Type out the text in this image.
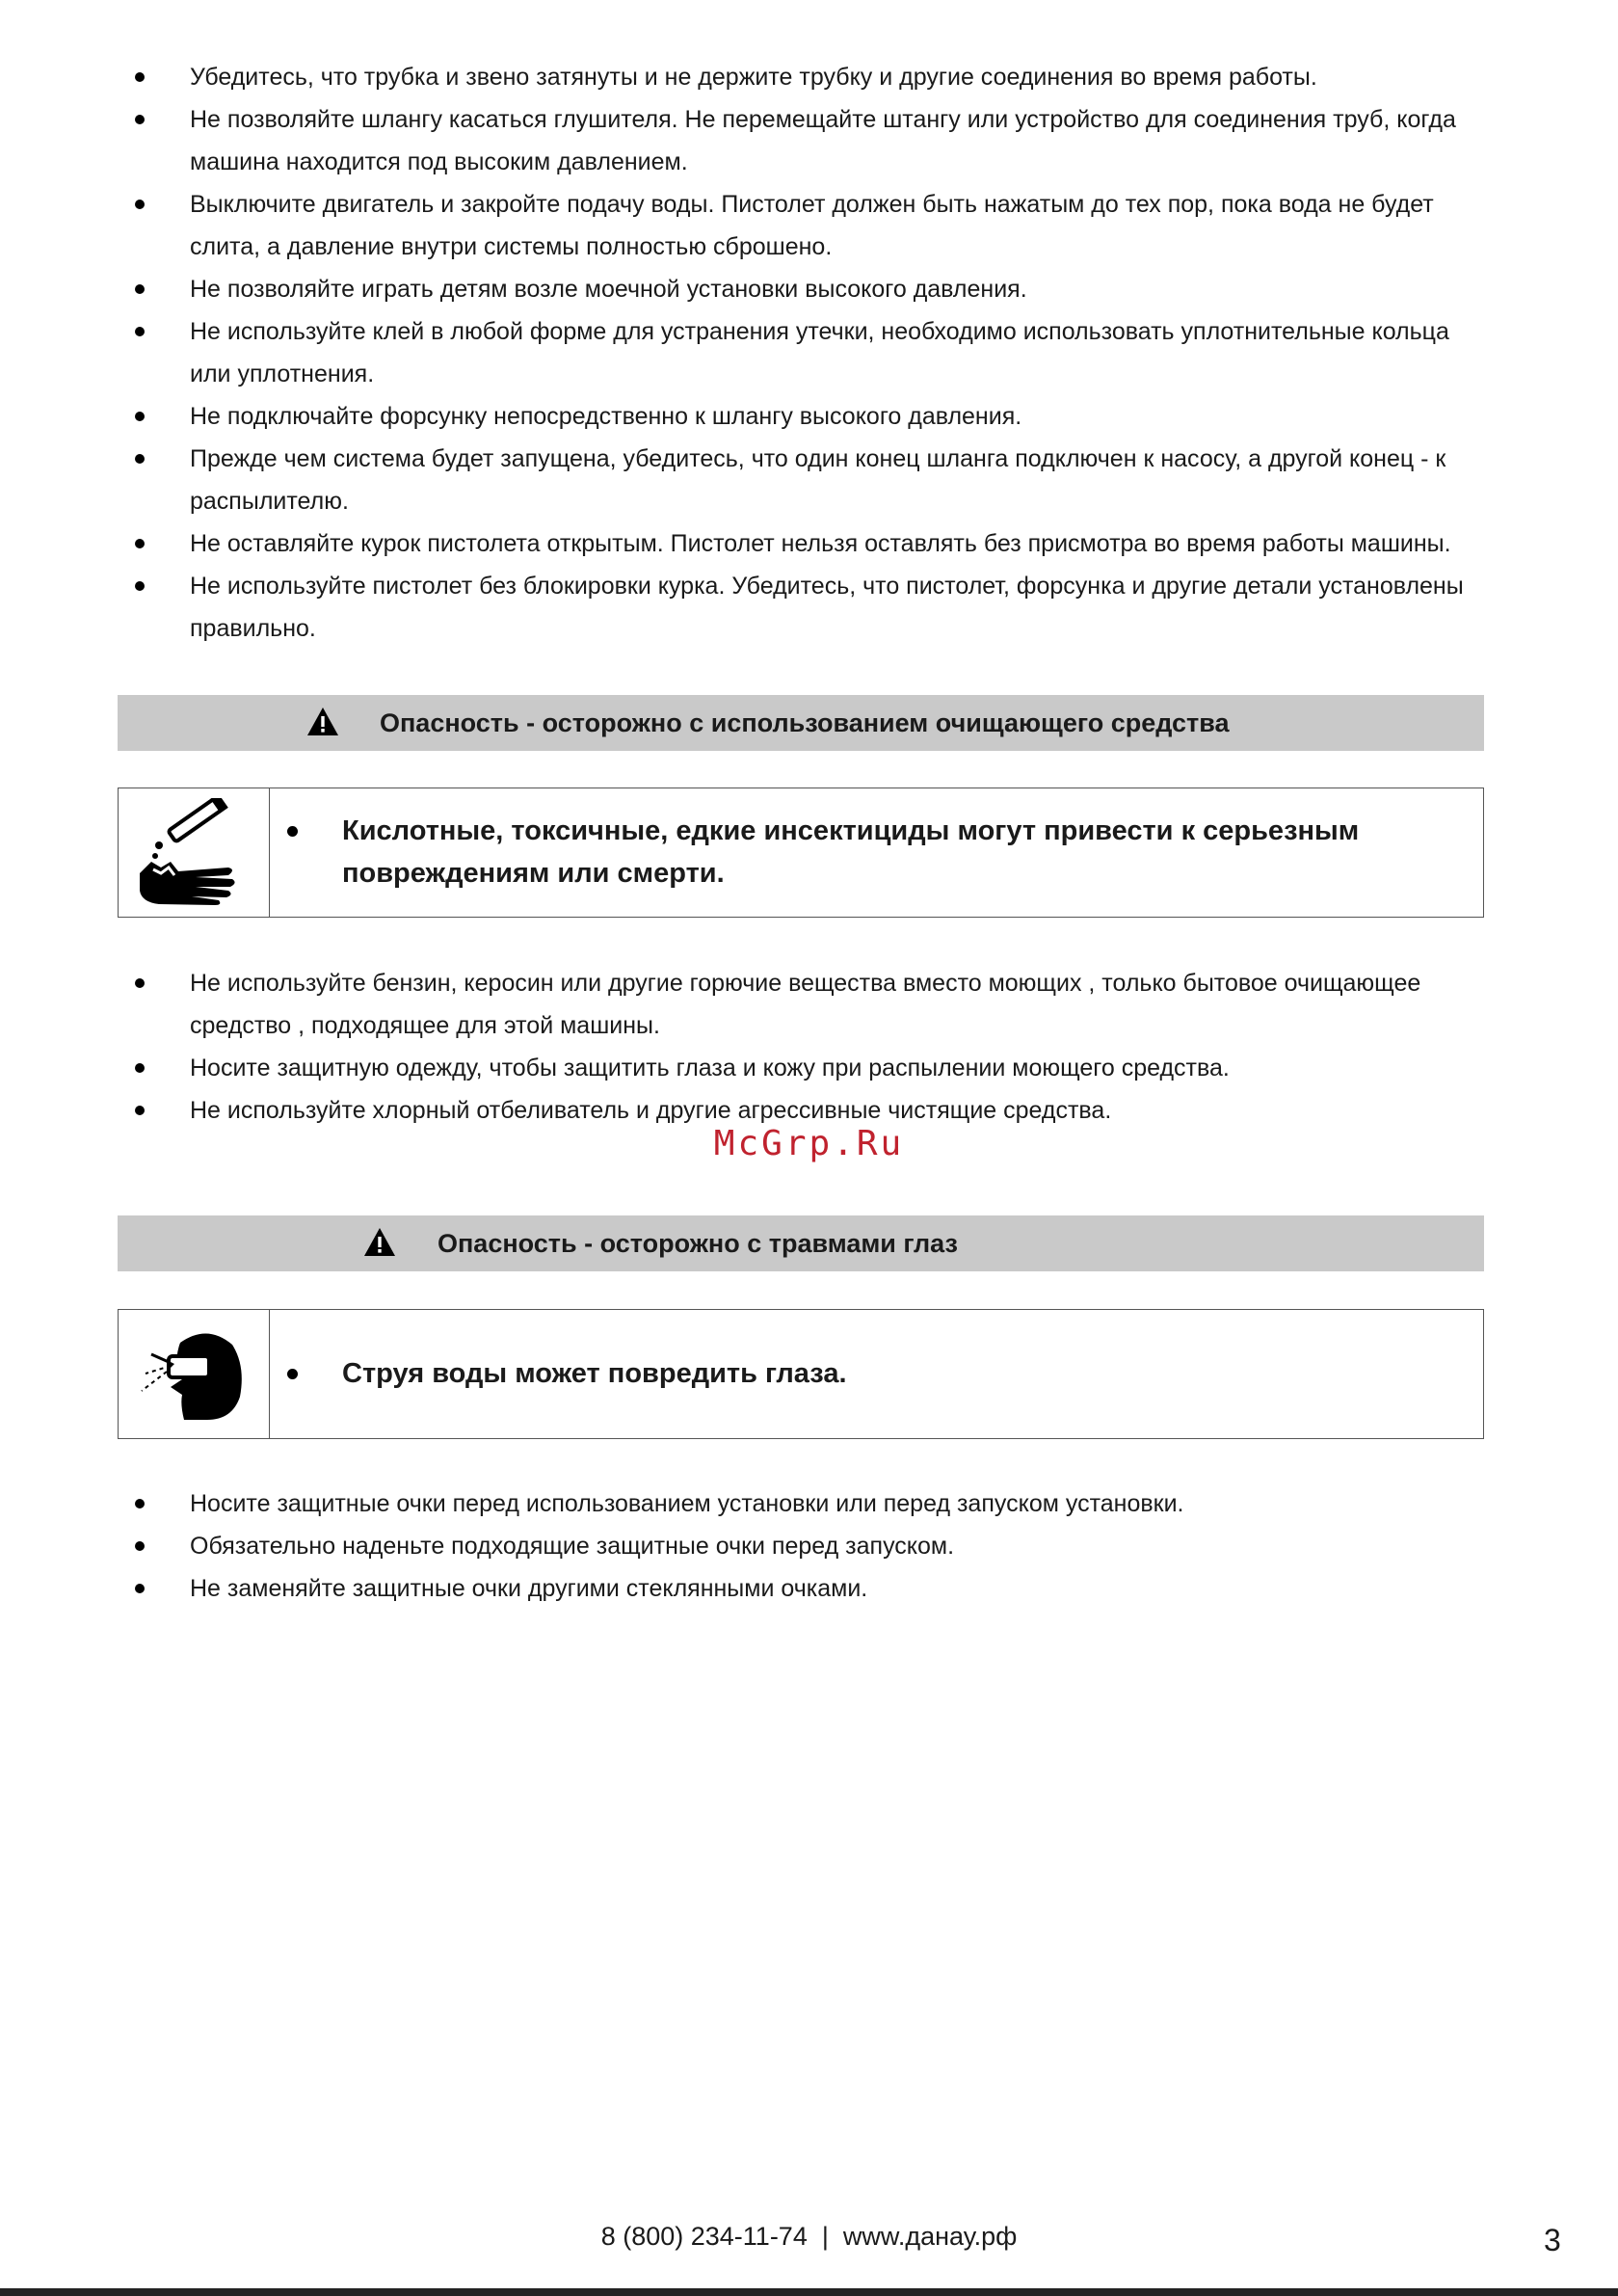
Убедитесь, что трубка и звено затянуты и не держите трубку и другие соединения во время работы.
Не позволяйте шлангу касаться глушителя. Не перемещайте штангу или устройство для соединения труб, когда машина находится под высоким давлением.
Выключите двигатель и закройте подачу воды. Пистолет должен быть нажатым до тех пор, пока вода не будет слита, а давление внутри системы полностью сброшено.
Не позволяйте играть детям возле моечной установки высокого давления.
Не используйте клей в любой форме для устранения утечки, необходимо использовать уплотнительные кольца или уплотнения.
Не подключайте форсунку непосредственно к шлангу высокого давления.
Прежде чем система будет запущена, убедитесь, что один конец шланга подключен к насосу, а другой конец - к распылителю.
Не оставляйте курок пистолета открытым. Пистолет нельзя оставлять без присмотра во время работы машины.
Не используйте пистолет без блокировки курка. Убедитесь, что пистолет, форсунка и другие детали установлены правильно.
Опасность - осторожно с использованием очищающего средства
Кислотные, токсичные, едкие инсектициды могут привести к серьезным повреждениям или смерти.
Не используйте бензин, керосин или другие горючие вещества вместо моющих , только бытовое очищающее средство , подходящее для этой машины.
Носите защитную одежду, чтобы защитить глаза и кожу при распылении моющего средства.
Не используйте хлорный отбеливатель и другие агрессивные чистящие средства.
McGrp.Ru
Опасность - осторожно с травмами глаз
Струя воды может повредить глаза.
Носите защитные очки перед использованием установки или перед запуском установки.
Обязательно наденьте подходящие защитные очки перед запуском.
Не заменяйте защитные очки другими стеклянными очками.
8 (800) 234-11-74  |  www.данау.рф	3
